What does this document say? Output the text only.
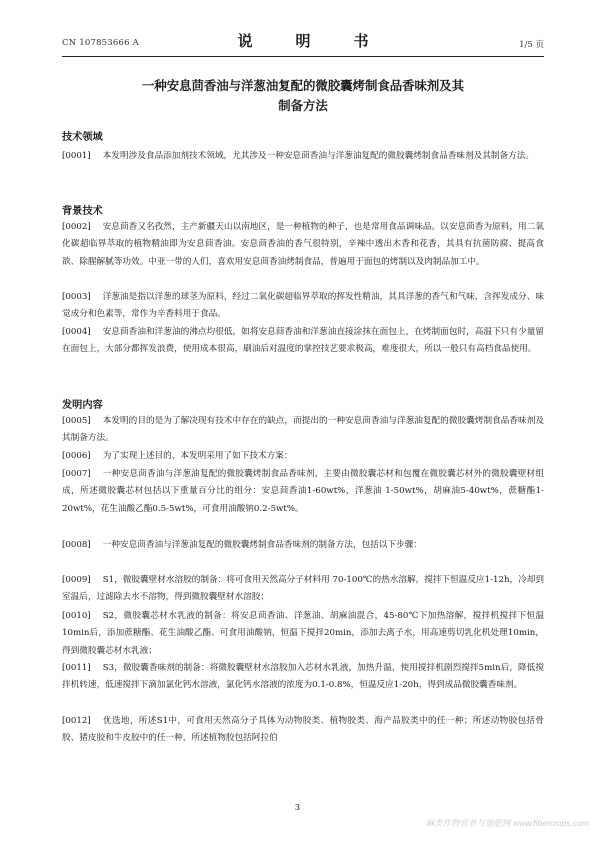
CN 107853666 A	说　明　书	1/5 页
一种安息茴香油与洋葱油复配的微胶囊烤制食品香味剂及其
制备方法
技术领域
[0001] 本发明涉及食品添加剂技术领域，尤其涉及一种安息茴香油与洋葱油复配的微胶囊烤制食品香味剂及其制备方法。
背景技术
[0002] 安息茴香又名孜然，主产新疆天山以南地区，是一种植物的种子，也是常用食品调味品。以安息茴香为原料，用二氧化碳超临界萃取的植物精油即为安息茴香油。安息茴香油的香气很特别，辛辣中透出木香和花香，其具有抗菌防腐、提高食欲、除腥解腻等功效。中亚一带的人们，喜欢用安息茴香油烤制食品，普遍用于面包的烤制以及肉制品加工中。
[0003] 洋葱油是指以洋葱的球茎为原料，经过二氧化碳超临界萃取的挥发性精油，其具洋葱的香气和气味，含挥发成分、味觉成分和色素等，常作为辛香料用于食品。
[0004] 安息茴香油和洋葱油的沸点均很低，如将安息茴香油和洋葱油直接涂抹在面包上，在烤制面包时，高温下只有少量留在面包上，大部分都挥发浪费，使用成本很高，刷油后对温度的掌控技艺要求极高，难度很大，所以一般只有高档食品使用。
发明内容
[0005] 本发明的目的是为了解决现有技术中存在的缺点，而提出的一种安息茴香油与洋葱油复配的微胶囊烤制食品香味剂及其制备方法。
[0006] 为了实现上述目的，本发明采用了如下技术方案：
[0007] 一种安息茴香油与洋葱油复配的微胶囊烤制食品香味剂，主要由微胶囊芯材和包覆在微胶囊芯材外的微胶囊壁材组成，所述微胶囊芯材包括以下重量百分比的组分：安息茴香油1-60wt%，洋葱油 1-50wt%，胡麻油5-40wt%，蔗糖酯1-20wt%，花生油酸乙酯0.5-5wt%，可食用油酸钠0.2-5wt%。
[0008] 一种安息茴香油与洋葱油复配的微胶囊烤制食品香味剂的制备方法，包括以下步骤：
[0009] S1，微胶囊壁材水溶胶的制备：将可食用天然高分子材料用 70-100℃的热水溶解，搅拌下恒温反应1-12h，冷却到室温后，过滤除去水不溶物，得到微胶囊壁材水溶胶；
[0010] S2，微胶囊芯材水乳液的制备：将安息茴香油、洋葱油、胡麻油混合，45-80℃下加热溶解，搅拌机搅拌下恒温10min后，添加蔗糖酯、花生油酸乙酯、可食用油酸钠，恒温下搅拌20min，添加去离子水，用高速剪切乳化机处理10min，得到微胶囊芯材水乳液；
[0011] S3，微胶囊香味剂的制备：将微胶囊壁材水溶胶加入芯材水乳液，加热升温，使用搅拌机剧烈搅拌5min后，降低搅拌机转速，低速搅拌下滴加氯化钙水溶液，氯化钙水溶液的浓度为0.1-0.8%，恒温反应1-20h，得到成品微胶囊香味剂。
[0012] 优选地，所述S1中，可食用天然高分子具体为动物胶类、植物胶类、海产品胶类中的任一种；所述动物胶包括骨胶、猪皮胶和牛皮胶中的任一种，所述植物胶包括阿拉伯
3
麻类作物营养与施肥网 www.fibercrops.com
